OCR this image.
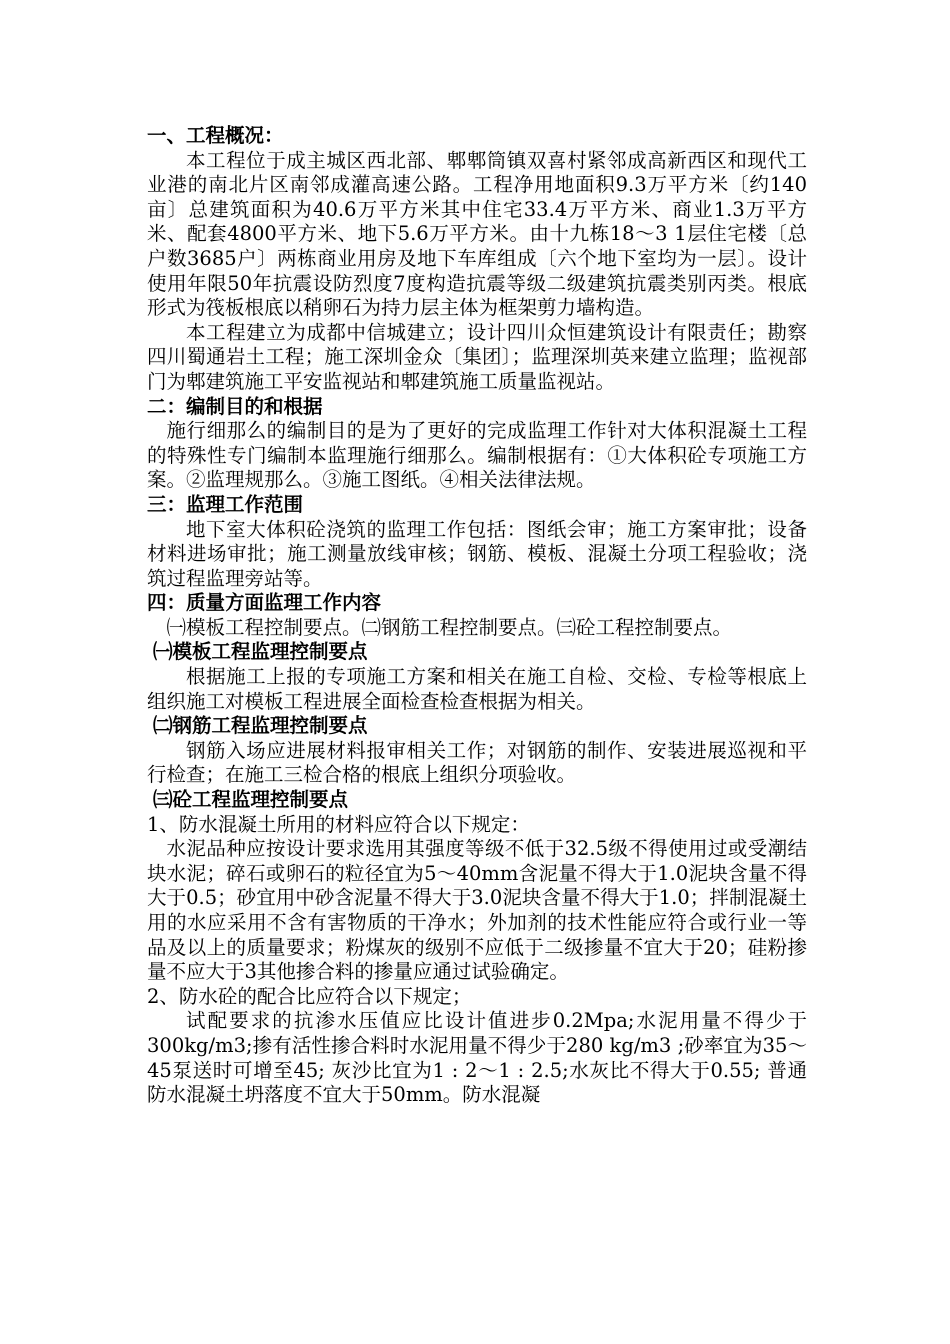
一、工程概况：

本工程位于成主城区西北部、郫郫筒镇双喜村紧邻成高新西区和现代工业港的南北片区南邻成灌高速公路。工程净用地面积9.3万平方米〔约140亩〕总建筑面积为40.6万平方米其中住宅33.4万平方米、商业1.3万平方米、配套4800平方米、地下5.6万平方米。由十九栋18～3 1层住宅楼〔总户数3685户〕两栋商业用房及地下车库组成〔六个地下室均为一层〕。设计使用年限50年抗震设防烈度7度构造抗震等级二级建筑抗震类别丙类。根底形式为筏板根底以稍卵石为持力层主体为框架剪力墙构造。

本工程建立为成都中信城建立；设计四川众恒建筑设计有限责任；勘察四川蜀通岩土工程；施工深圳金众〔集团〕；监理深圳英来建立监理；监视部门为郫建筑施工平安监视站和郫建筑施工质量监视站。

二：编制目的和根据

施行细那么的编制目的是为了更好的完成监理工作针对大体积混凝土工程的特殊性专门编制本监理施行细那么。编制根据有：①大体积砼专项施工方案。②监理规那么。③施工图纸。④相关法律法规。

三：监理工作范围

地下室大体积砼浇筑的监理工作包括：图纸会审；施工方案审批；设备材料进场审批；施工测量放线审核；钢筋、模板、混凝土分项工程验收；浇筑过程监理旁站等。

四：质量方面监理工作内容

㈠模板工程控制要点。㈡钢筋工程控制要点。㈢砼工程控制要点。

㈠模板工程监理控制要点

根据施工上报的专项施工方案和相关在施工自检、交检、专检等根底上组织施工对模板工程进展全面检查检查根据为相关。

㈡钢筋工程监理控制要点

钢筋入场应进展材料报审相关工作；对钢筋的制作、安装进展巡视和平行检查；在施工三检合格的根底上组织分项验收。

㈢砼工程监理控制要点

1、防水混凝土所用的材料应符合以下规定：

水泥品种应按设计要求选用其强度等级不低于32.5级不得使用过或受潮结块水泥；碎石或卵石的粒径宜为5～40mm含泥量不得大于1.0泥块含量不得大于0.5；砂宜用中砂含泥量不得大于3.0泥块含量不得大于1.0；拌制混凝土用的水应采用不含有害物质的干净水；外加剂的技术性能应符合或行业一等品及以上的质量要求；粉煤灰的级别不应低于二级掺量不宜大于20；硅粉掺量不应大于3其他掺合料的掺量应通过试验确定。

2、防水砼的配合比应符合以下规定；

试配要求的抗渗水压值应比设计值进步0.2Mpa;水泥用量不得少于300kg/m3;掺有活性掺合料时水泥用量不得少于280 kg/m3 ;砂率宜为35～45泵送时可增至45; 灰沙比宜为1 : 2～1 : 2.5;水灰比不得大于0.55; 普通防水混凝土坍落度不宜大于50mm。防水混凝
